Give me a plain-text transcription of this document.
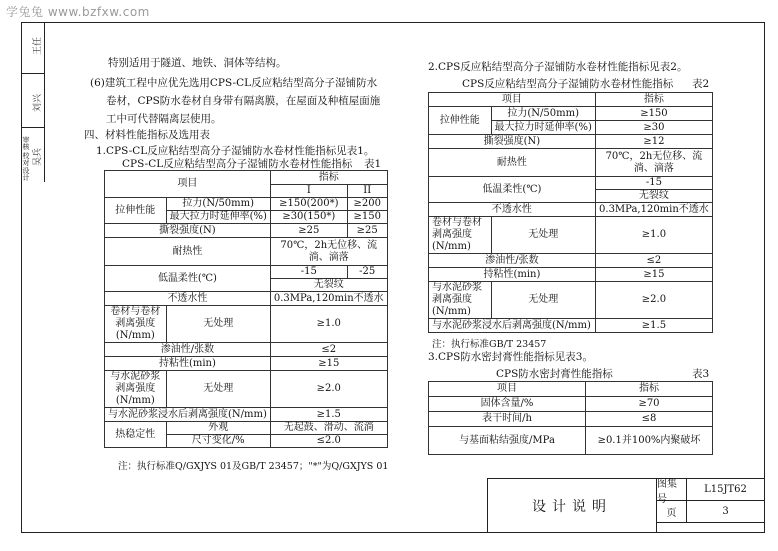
学兔兔 www.bzfxw.com
王任
刘兴
吴兵
审核
校对
设计
特别适用于隧道、地铁、洞体等结构。
(6)建筑工程中应优先选用CPS-CL反应粘结型高分子湿铺防水
卷材，CPS防水卷材自身带有隔离膜，在屋面及种植屋面施
工中可代替隔离层使用。
四、材料性能指标及选用表
1.CPS-CL反应粘结型高分子湿铺防水卷材性能指标见表1。
CPS-CL反应粘结型高分子湿铺防水卷材性能指标 表1
项目		指标	
		I	II
拉伸性能	拉力(N/50mm)	≥150(200*)	≥200
	最大拉力时延伸率(%)	≥30(150*)	≥150
撕裂强度(N)		≥25	≥25
耐热性		70℃，2h无位移、流淌、滴落	
低温柔性(℃)		-15	-25
		无裂纹	
不透水性		0.3MPa,120min不透水	
卷材与卷材剥离强度(N/mm)	无处理	≥1.0	
渗油性/张数		≤2	
持粘性(min)		≥15	
与水泥砂浆剥离强度(N/mm)	无处理	≥2.0	
与水泥砂浆浸水后剥离强度(N/mm)		≥1.5	
热稳定性	外观	无起鼓、滑动、流淌	
	尺寸变化/%	≤2.0	
注：执行标准Q/GXJYS 01及GB/T 23457；"*"为Q/GXJYS 01
2.CPS反应粘结型高分子湿铺防水卷材性能指标见表2。
CPS反应粘结型高分子湿铺防水卷材性能指标 表2
项目		指标
拉伸性能	拉力(N/50mm)	≥150
	最大拉力时延伸率(%)	≥30
撕裂强度(N)		≥12
耐热性		70℃，2h无位移、流淌、滴落
低温柔性(℃)		-15
		无裂纹
不透水性		0.3MPa,120min不透水
卷材与卷材剥离强度(N/mm)	无处理	≥1.0
渗油性/张数		≤2
持粘性(min)		≥15
与水泥砂浆剥离强度(N/mm)	无处理	≥2.0
与水泥砂浆浸水后剥离强度(N/mm)		≥1.5
注：执行标准GB/T 23457
3.CPS防水密封膏性能指标见表3。
CPS防水密封膏性能指标	表3
项目	指标
固体含量/%	≥70
表干时间/h	≤8
与基面粘结强度/MPa	≥0.1并100%内聚破坏
设计说明
图集号
L15JT62
页	3
